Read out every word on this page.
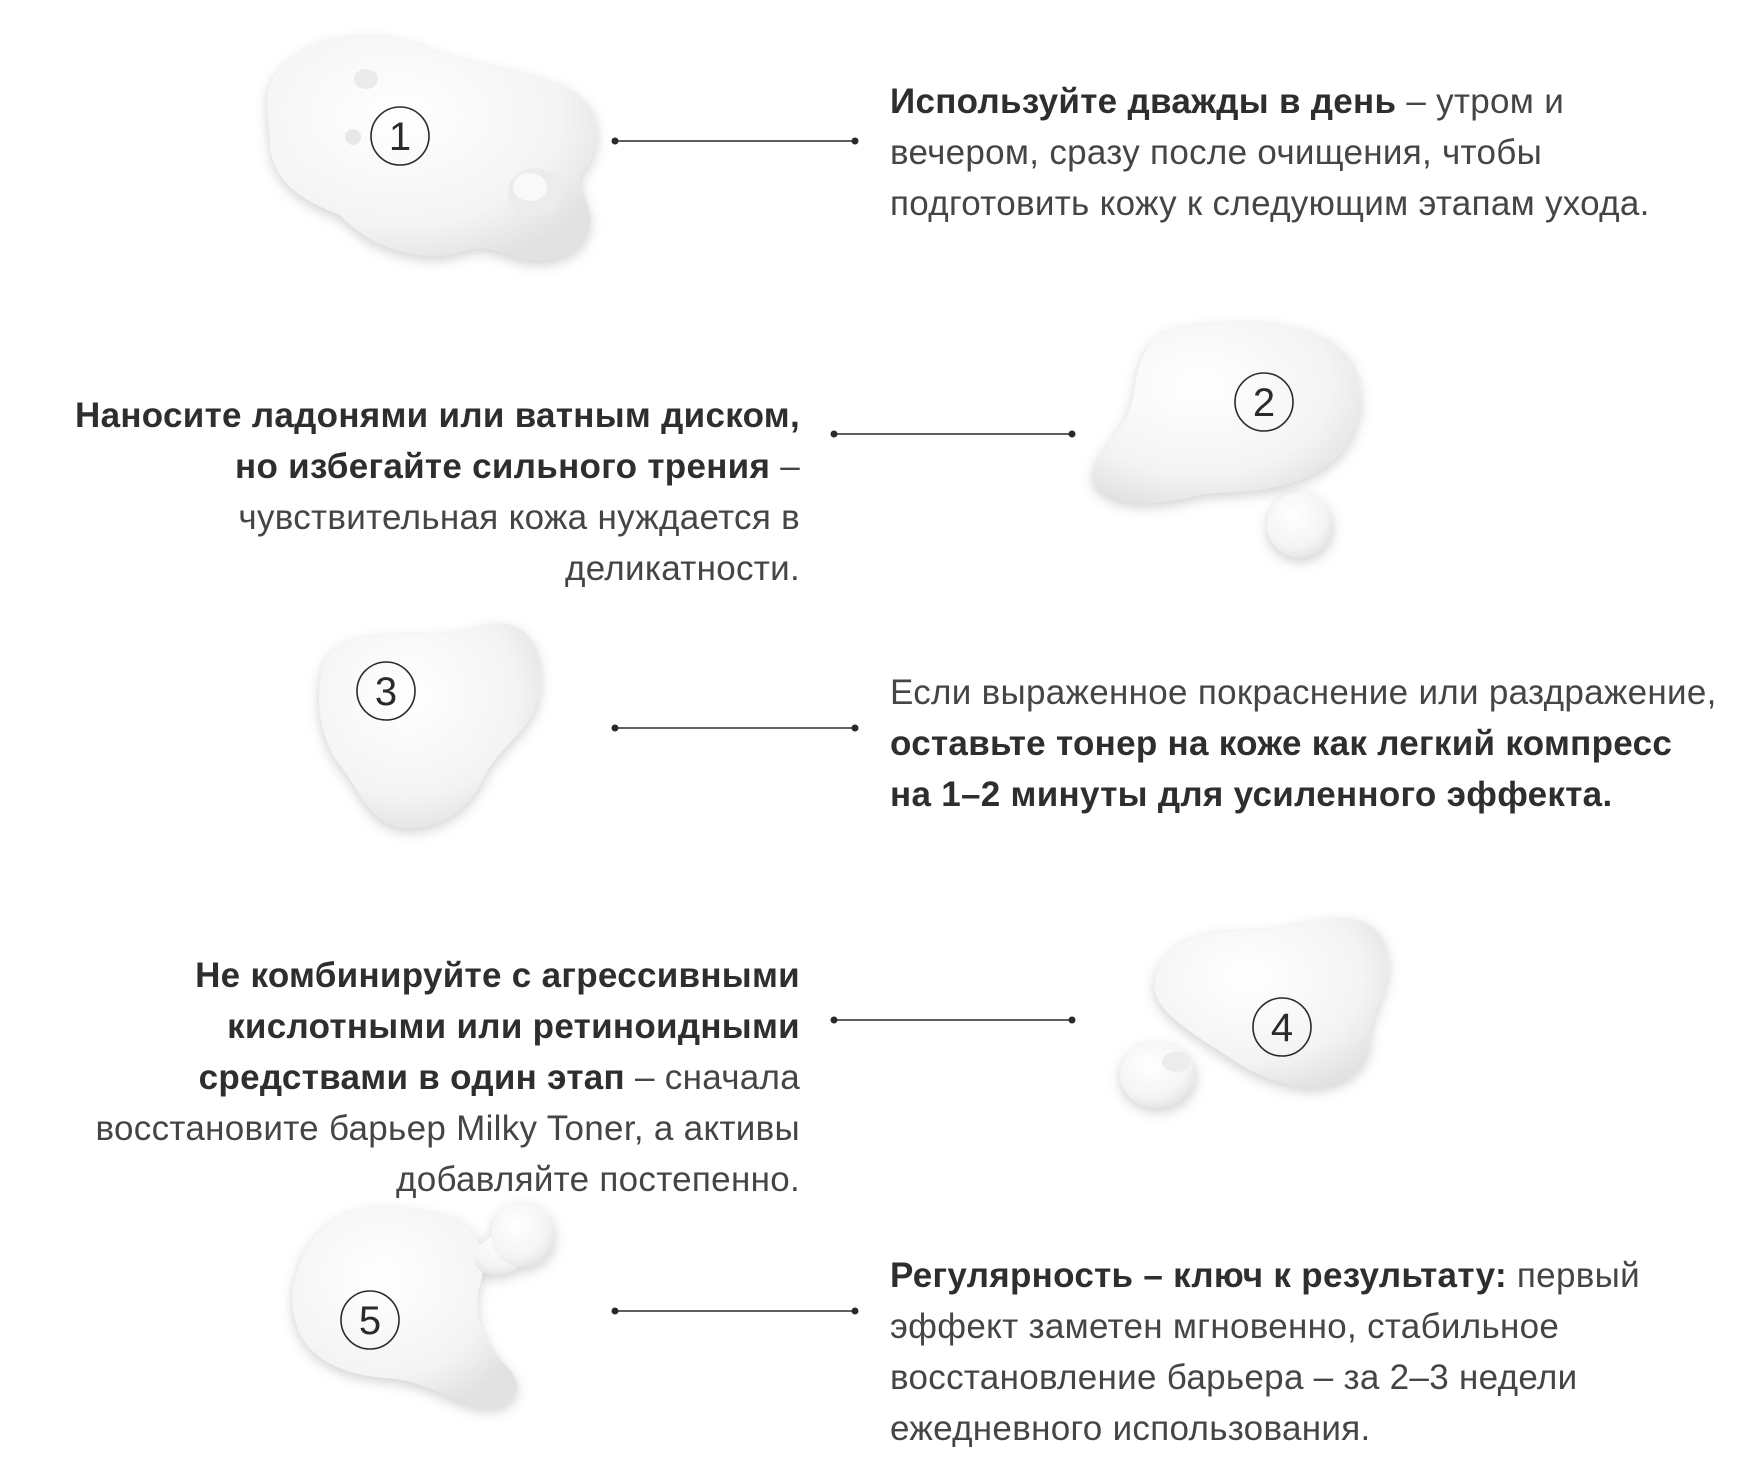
1
2
3
4
5
Используйте дважды в день – утром и вечером, сразу после очищения, чтобы подготовить кожу к следующим этапам ухода.
Наносите ладонями или ватным диском, но избегайте сильного трения – чувствительная кожа нуждается в деликатности.
Если выраженное покраснение или раздражение, оставьте тонер на коже как легкий компресс на 1–2 минуты для усиленного эффекта.
Не комбинируйте с агрессивными кислотными или ретиноидными средствами в один этап – сначала восстановите барьер Milky Toner, а активы добавляйте постепенно.
Регулярность – ключ к результату: первый эффект заметен мгновенно, стабильное восстановление барьера – за 2–3 недели ежедневного использования.
